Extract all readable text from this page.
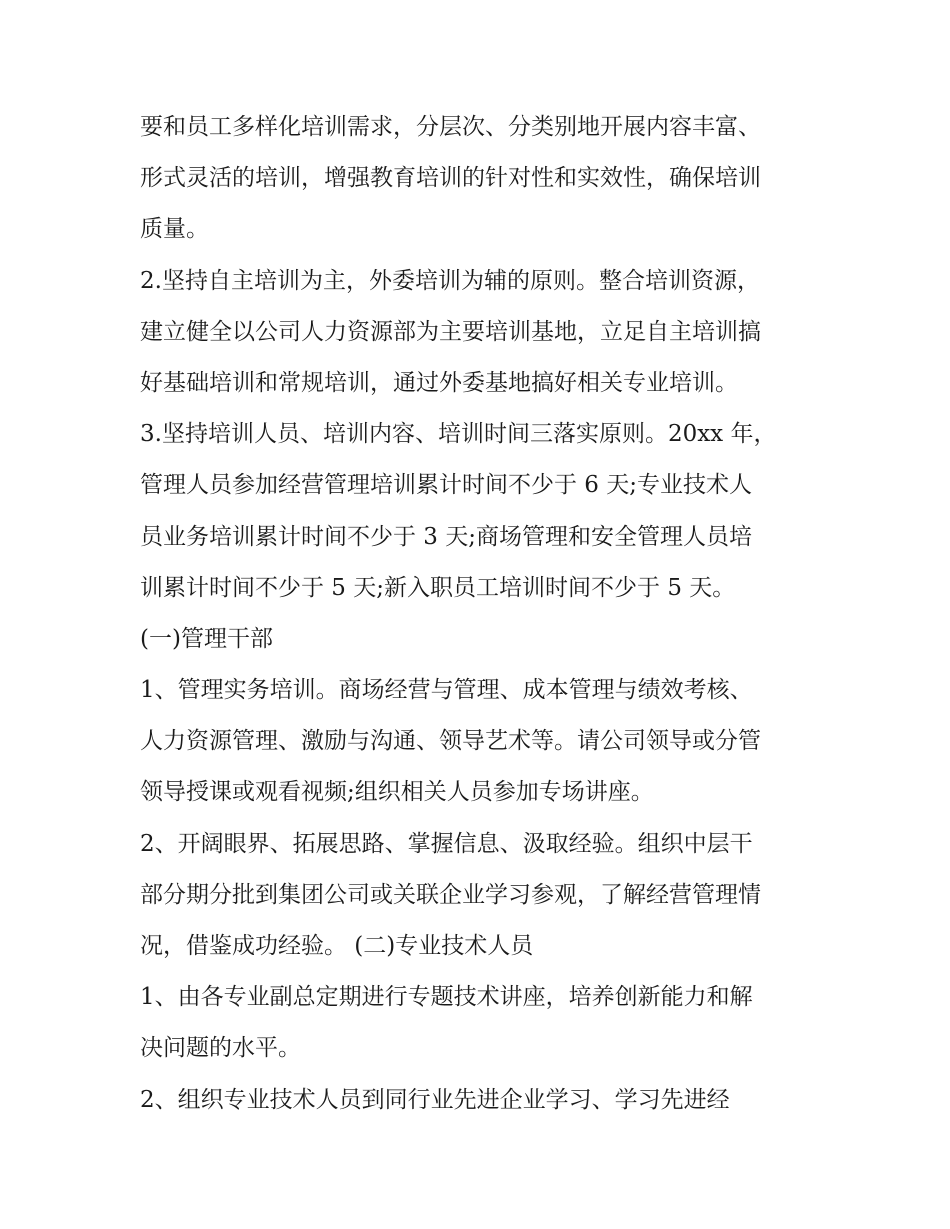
要和员工多样化培训需求，分层次、分类别地开展内容丰富、
形式灵活的培训，增强教育培训的针对性和实效性，确保培训
质量。
2.坚持自主培训为主，外委培训为辅的原则。整合培训资源，
建立健全以公司人力资源部为主要培训基地，立足自主培训搞
好基础培训和常规培训，通过外委基地搞好相关专业培训。
3.坚持培训人员、培训内容、培训时间三落实原则。20xx 年，
管理人员参加经营管理培训累计时间不少于 6 天;专业技术人
员业务培训累计时间不少于 3 天;商场管理和安全管理人员培
训累计时间不少于 5 天;新入职员工培训时间不少于 5 天。
(一)管理干部
1、管理实务培训。商场经营与管理、成本管理与绩效考核、
人力资源管理、激励与沟通、领导艺术等。请公司领导或分管
领导授课或观看视频;组织相关人员参加专场讲座。
2、开阔眼界、拓展思路、掌握信息、汲取经验。组织中层干
部分期分批到集团公司或关联企业学习参观，了解经营管理情
况，借鉴成功经验。 (二)专业技术人员
1、由各专业副总定期进行专题技术讲座，培养创新能力和解
决问题的水平。
2、组织专业技术人员到同行业先进企业学习、学习先进经
